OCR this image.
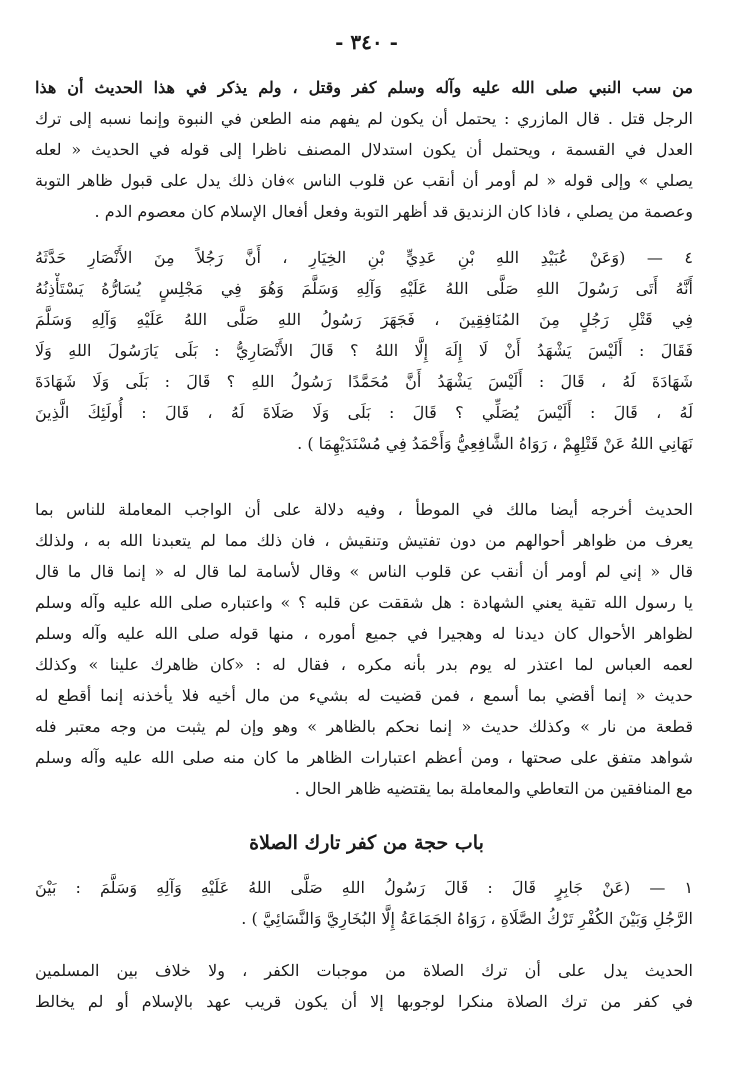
- ٣٤٠ -
من سب النبي صلى الله عليه وآله وسلم كفر وقتل ، ولم يذكر في هذا الحديث أن هذا
الرجل قتل . قال المازري : يحتمل أن يكون لم يفهم منه الطعن في النبوة وإنما نسبه إلى ترك
العدل في القسمة ، ويحتمل أن يكون استدلال المصنف ناظرا إلى قوله في الحديث « لعله
يصلي » وإلى قوله « لم أومر أن أنقب عن قلوب الناس »فان ذلك يدل على قبول ظاهر التوبة
وعصمة من يصلي ، فاذا كان الزنديق قد أظهر التوبة وفعل أفعال الإسلام كان معصوم الدم .
٤ — (وَعَنْ عُبَيْدِ اللهِ بْنِ عَدِيٍّ بْنِ الخِيَارِ ، أَنَّ رَجُلاً مِنَ الأَنْصَارِ حَدَّثَهُ
أَنَّهُ أَتَى رَسُولَ اللهِ صَلَّى اللهُ عَلَيْهِ وَآلِهِ وَسَلَّمَ وَهُوَ فِي مَجْلِسٍ يُسَارُّهُ يَسْتَأْذِنُهُ
فِي قَتْلِ رَجُلٍ مِنَ المُنَافِقِينَ ، فَجَهَرَ رَسُولُ اللهِ صَلَّى اللهُ عَلَيْهِ وَآلِهِ وَسَلَّمَ
فَقَالَ : أَلَيْسَ يَشْهَدُ أَنْ لَا إِلَهَ إِلَّا اللهُ ؟ قَالَ الأَنْصَارِيُّ : بَلَى يَارَسُولَ اللهِ وَلَا
شَهَادَةَ لَهُ ، قَالَ : أَلَيْسَ يَشْهَدُ أَنَّ مُحَمَّدًا رَسُولُ اللهِ ؟ قَالَ : بَلَى وَلَا شَهَادَةَ
لَهُ ، قَالَ : أَلَيْسَ يُصَلِّي ؟ قَالَ : بَلَى وَلَا صَلَاةَ لَهُ ، قَالَ : أُولَئِكَ الَّذِينَ
نَهَانِي اللهُ عَنْ قَتْلِهِمْ ، رَوَاهُ الشَّافِعِيُّ وَأَحْمَدُ فِي مُسْنَدَيْهِمَا ) .
الحديث أخرجه أيضا مالك في الموطأ ، وفيه دلالة على أن الواجب المعاملة للناس بما
يعرف من ظواهر أحوالهم من دون تفتيش وتنقيش ، فان ذلك مما لم يتعبدنا الله به ، ولذلك
قال « إني لم أومر أن أنقب عن قلوب الناس » وقال لأسامة لما قال له « إنما قال ما قال
يا رسول الله تقية يعني الشهادة : هل شققت عن قلبه ؟ » واعتباره صلى الله عليه وآله وسلم
لظواهر الأحوال كان ديدنا له وهجيرا في جميع أموره ، منها قوله صلى الله عليه وآله وسلم
لعمه العباس لما اعتذر له يوم بدر بأنه مكره ، فقال له : «كان ظاهرك علينا » وكذلك
حديث « إنما أقضي بما أسمع ، فمن قضيت له بشيء من مال أخيه فلا يأخذنه إنما أقطع له
قطعة من نار » وكذلك حديث « إنما نحكم بالظاهر » وهو وإن لم يثبت من وجه معتبر فله
شواهد متفق على صحتها ، ومن أعظم اعتبارات الظاهر ما كان منه صلى الله عليه وآله وسلم
مع المنافقين من التعاطي والمعاملة بما يقتضيه ظاهر الحال .
باب حجة من كفر تارك الصلاة
١ — (عَنْ جَابِرٍ قَالَ : قَالَ رَسُولُ اللهِ صَلَّى اللهُ عَلَيْهِ وَآلِهِ وَسَلَّمَ : بَيْنَ
الرَّجُلِ وَبَيْنَ الكُفْرِ تَرْكُ الصَّلَاةِ ، رَوَاهُ الجَمَاعَةُ إِلَّا البُخَارِيَّ وَالنَّسَائِيَّ ) .
الحديث يدل على أن ترك الصلاة من موجبات الكفر ، ولا خلاف بين المسلمين
في كفر من ترك الصلاة منكرا لوجوبها إلا أن يكون قريب عهد بالإسلام أو لم يخالط
